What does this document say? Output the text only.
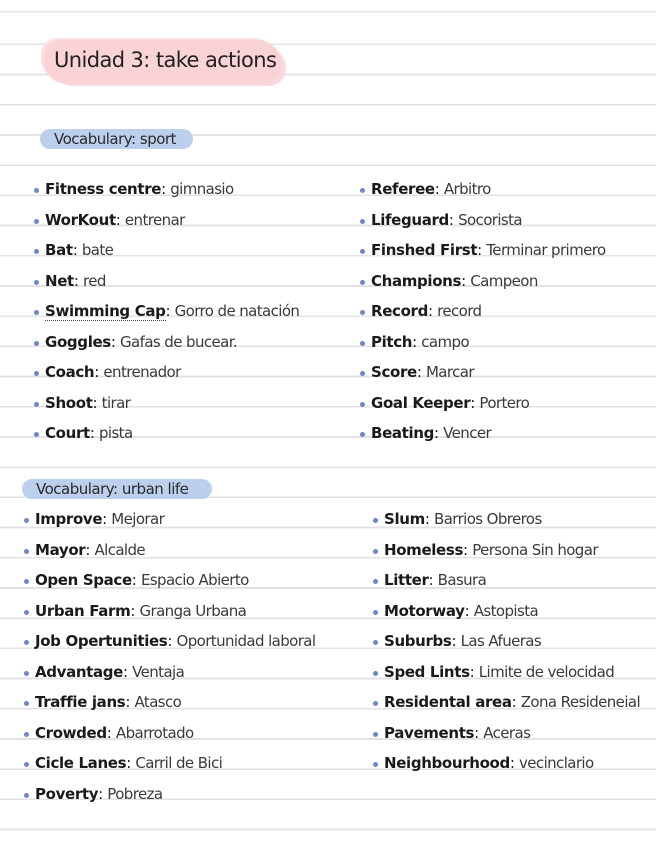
Unidad 3: take actions
Vocabulary: sport
Fitness centre: gimnasio
WorKout: entrenar
Bat: bate
Net: red
Swimming Cap: Gorro de natación
Goggles: Gafas de bucear.
Coach: entrenador
Shoot: tirar
Court: pista
Referee: Arbitro
Lifeguard: Socorista
Finshed First: Terminar primero
Champions: Campeon
Record: record
Pitch: campo
Score: Marcar
Goal Keeper: Portero
Beating: Vencer
Vocabulary: urban life
Improve: Mejorar
Mayor: Alcalde
Open Space: Espacio Abierto
Urban Farm: Granga Urbana
Job Opertunities: Oportunidad laboral
Advantage: Ventaja
Traffie jans: Atasco
Crowded: Abarrotado
Cicle Lanes: Carril de Bici
Poverty: Pobreza
Slum: Barrios Obreros
Homeless: Persona Sin hogar
Litter: Basura
Motorway: Astopista
Suburbs: Las Afueras
Sped Lints: Limite de velocidad
Residental area: Zona Resideneial
Pavements: Aceras
Neighbourhood: vecinclario
